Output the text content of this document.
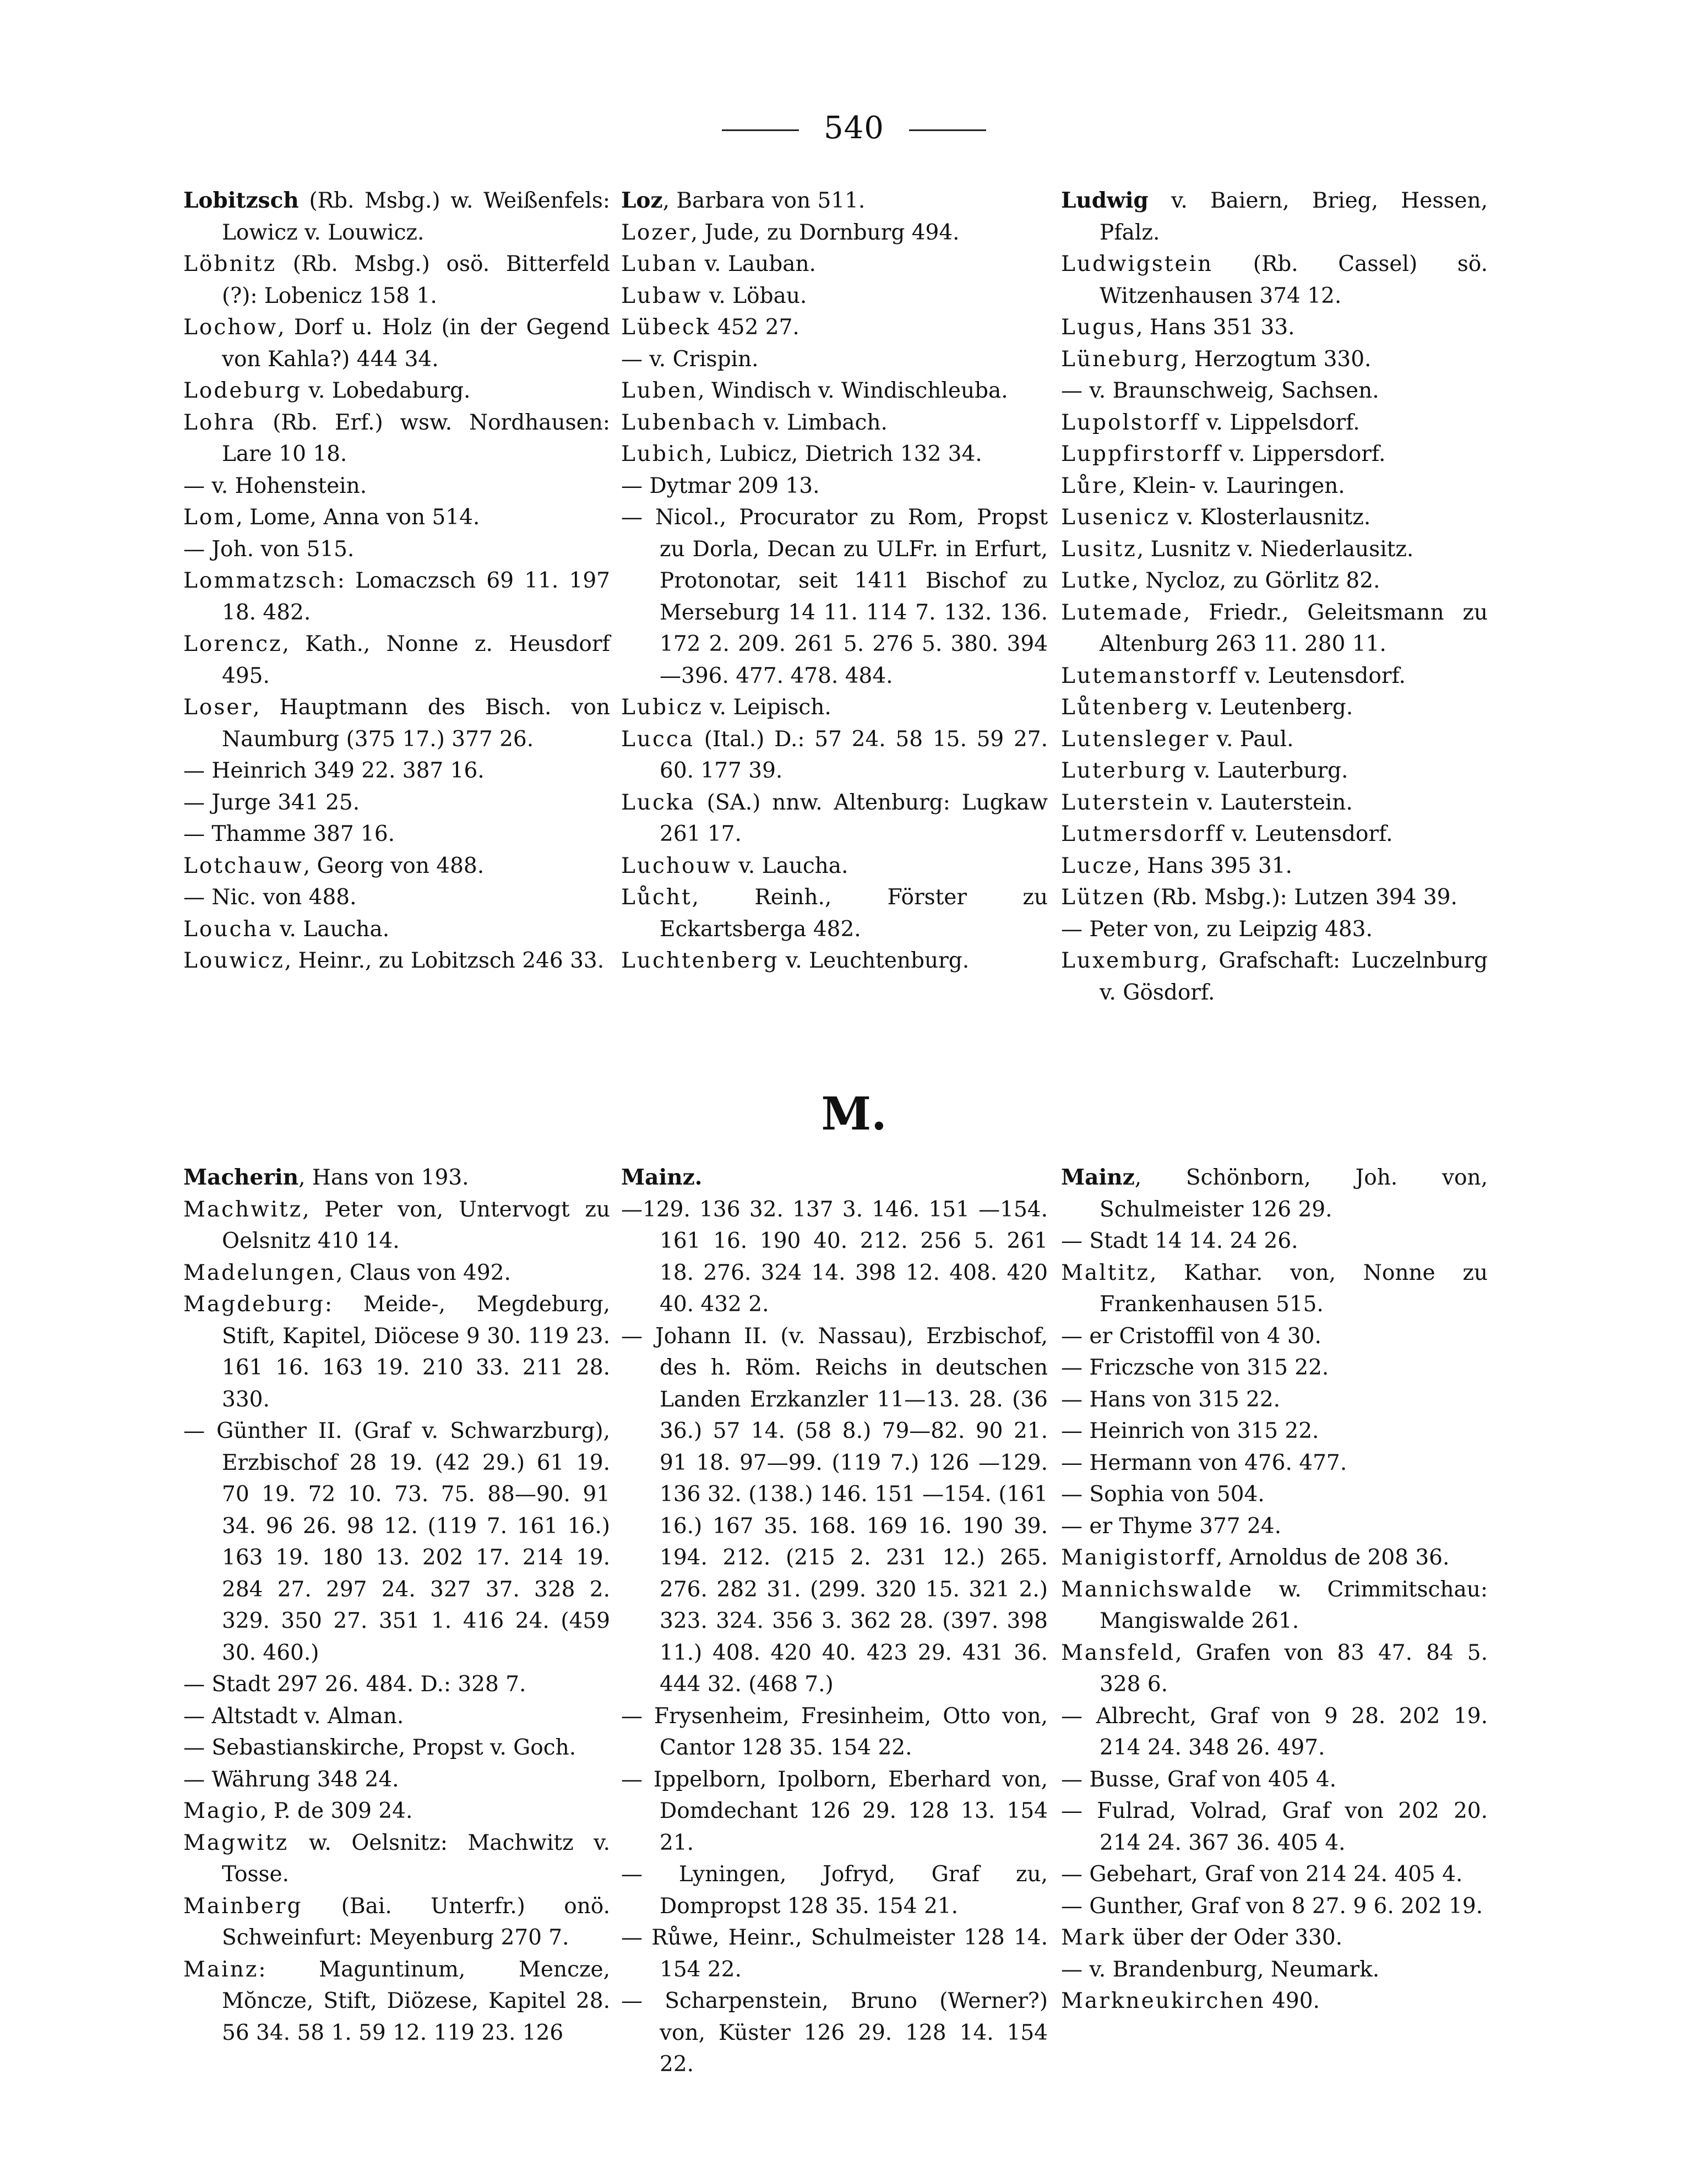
540
Lobitzsch (Rb. Msbg.) w. Weißenfels: Lowicz v. Louwicz.
Löbnitz (Rb. Msbg.) osö. Bitterfeld (?): Lobenicz 158 1.
Lochow, Dorf u. Holz (in der Gegend von Kahla?) 444 34.
Lodeburg v. Lobedaburg.
Lohra (Rb. Erf.) wsw. Nordhausen: Lare 10 18.
— v. Hohenstein.
Lom, Lome, Anna von 514.
— Joh. von 515.
Lommatzsch: Lomaczsch 69 11. 197 18. 482.
Lorencz, Kath., Nonne z. Heusdorf 495.
Loser, Hauptmann des Bisch. von Naumburg (375 17.) 377 26.
— Heinrich 349 22. 387 16.
— Jurge 341 25.
— Thamme 387 16.
Lotchauw, Georg von 488.
— Nic. von 488.
Loucha v. Laucha.
Louwicz, Heinr., zu Lobitzsch 246 33.
Loz, Barbara von 511.
Lozer, Jude, zu Dornburg 494.
Luban v. Lauban.
Lubaw v. Löbau.
Lübeck 452 27.
— v. Crispin.
Luben, Windisch v. Windischleuba.
Lubenbach v. Limbach.
Lubich, Lubicz, Dietrich 132 34.
— Dytmar 209 13.
— Nicol., Procurator zu Rom, Propst zu Dorla, Decan zu ULFr. in Erfurt, Protonotar, seit 1411 Bischof zu Merseburg 14 11. 114 7. 132. 136. 172 2. 209. 261 5. 276 5. 380. 394—396. 477. 478. 484.
Lubicz v. Leipisch.
Lucca (Ital.) D.: 57 24. 58 15. 59 27. 60. 177 39.
Lucka (SA.) nnw. Altenburg: Lugkaw 261 17.
Luchouw v. Laucha.
Lůcht, Reinh., Förster zu Eckartsberga 482.
Luchtenberg v. Leuchtenburg.
Ludwig v. Baiern, Brieg, Hessen, Pfalz.
Ludwigstein (Rb. Cassel) sö. Witzenhausen 374 12.
Lugus, Hans 351 33.
Lüneburg, Herzogtum 330.
— v. Braunschweig, Sachsen.
Lupolstorff v. Lippelsdorf.
Luppfirstorff v. Lippersdorf.
Lůre, Klein- v. Lauringen.
Lusenicz v. Klosterlausnitz.
Lusitz, Lusnitz v. Niederlausitz.
Lutke, Nycloz, zu Görlitz 82.
Lutemade, Friedr., Geleitsmann zu Altenburg 263 11. 280 11.
Lutemanstorff v. Leutensdorf.
Lůtenberg v. Leutenberg.
Lutensleger v. Paul.
Luterburg v. Lauterburg.
Luterstein v. Lauterstein.
Lutmersdorff v. Leutensdorf.
Lucze, Hans 395 31.
Lützen (Rb. Msbg.): Lutzen 394 39.
— Peter von, zu Leipzig 483.
Luxemburg, Grafschaft: Luczelnburg v. Gösdorf.
M.
Macherin, Hans von 193.
Machwitz, Peter von, Untervogt zu Oelsnitz 410 14.
Madelungen, Claus von 492.
Magdeburg: Meide-, Megdeburg, Stift, Kapitel, Diöcese 9 30. 119 23. 161 16. 163 19. 210 33. 211 28. 330.
— Günther II. (Graf v. Schwarzburg), Erzbischof 28 19. (42 29.) 61 19. 70 19. 72 10. 73. 75. 88—90. 91 34. 96 26. 98 12. (119 7. 161 16.) 163 19. 180 13. 202 17. 214 19. 284 27. 297 24. 327 37. 328 2. 329. 350 27. 351 1. 416 24. (459 30. 460.)
— Stadt 297 26. 484. D.: 328 7.
— Altstadt v. Alman.
— Sebastianskirche, Propst v. Goch.
— Währung 348 24.
Magio, P. de 309 24.
Magwitz w. Oelsnitz: Machwitz v. Tosse.
Mainberg (Bai. Unterfr.) onö. Schweinfurt: Meyenburg 270 7.
Mainz: Maguntinum, Mencze, Mŏncze, Stift, Diözese, Kapitel 28. 56 34. 58 1. 59 12. 119 23. 126
Mainz.
—129. 136 32. 137 3. 146. 151 —154. 161 16. 190 40. 212. 256 5. 261 18. 276. 324 14. 398 12. 408. 420 40. 432 2.
— Johann II. (v. Nassau), Erzbischof, des h. Röm. Reichs in deutschen Landen Erzkanzler 11—13. 28. (36 36.) 57 14. (58 8.) 79—82. 90 21. 91 18. 97—99. (119 7.) 126 —129. 136 32. (138.) 146. 151 —154. (161 16.) 167 35. 168. 169 16. 190 39. 194. 212. (215 2. 231 12.) 265. 276. 282 31. (299. 320 15. 321 2.) 323. 324. 356 3. 362 28. (397. 398 11.) 408. 420 40. 423 29. 431 36. 444 32. (468 7.)
— Frysenheim, Fresinheim, Otto von, Cantor 128 35. 154 22.
— Ippelborn, Ipolborn, Eberhard von, Domdechant 126 29. 128 13. 154 21.
— Lyningen, Jofryd, Graf zu, Dompropst 128 35. 154 21.
— Růwe, Heinr., Schulmeister 128 14. 154 22.
— Scharpenstein, Bruno (Werner?) von, Küster 126 29. 128 14. 154 22.
Mainz, Schönborn, Joh. von, Schulmeister 126 29.
— Stadt 14 14. 24 26.
Maltitz, Kathar. von, Nonne zu Frankenhausen 515.
— er Cristoffil von 4 30.
— Friczsche von 315 22.
— Hans von 315 22.
— Heinrich von 315 22.
— Hermann von 476. 477.
— Sophia von 504.
— er Thyme 377 24.
Manigistorff, Arnoldus de 208 36.
Mannichswalde w. Crimmitschau: Mangiswalde 261.
Mansfeld, Grafen von 83 47. 84 5. 328 6.
— Albrecht, Graf von 9 28. 202 19. 214 24. 348 26. 497.
— Busse, Graf von 405 4.
— Fulrad, Volrad, Graf von 202 20. 214 24. 367 36. 405 4.
— Gebehart, Graf von 214 24. 405 4.
— Gunther, Graf von 8 27. 9 6. 202 19.
Mark über der Oder 330.
— v. Brandenburg, Neumark.
Markneukirchen 490.
